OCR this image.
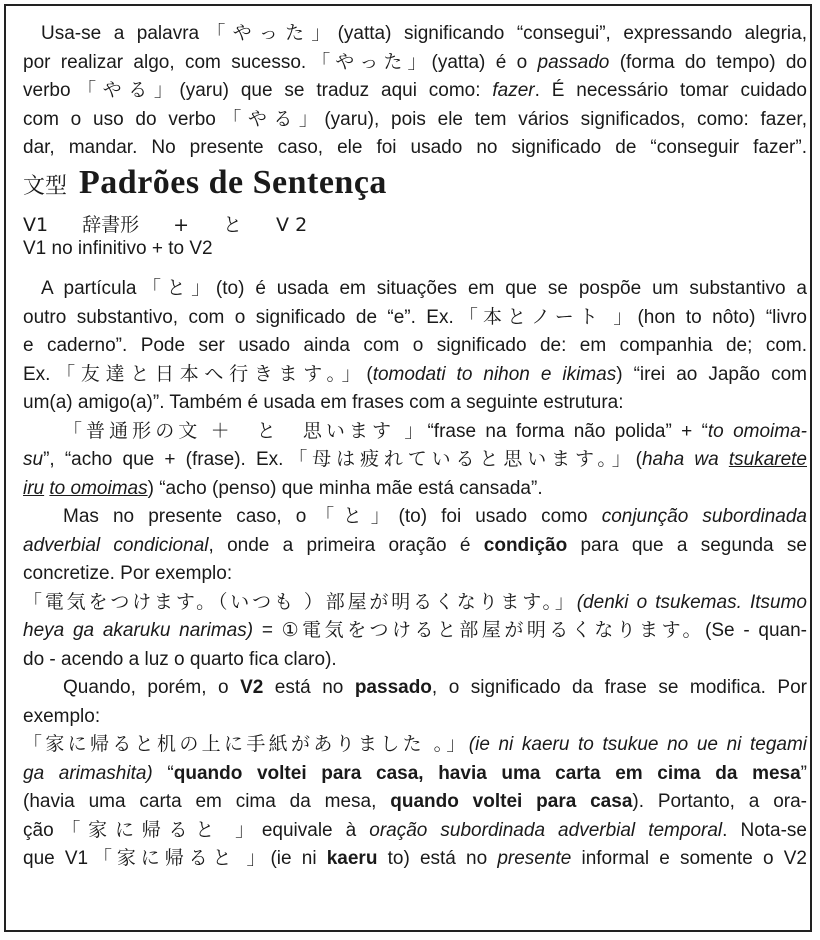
Usa-se a palavra「やった」(yatta) significando “consegui”, expressando alegria,
por realizar algo, com sucesso.「やった」(yatta) é o passado (forma do tempo) do
verbo「やる」(yaru) que se traduz aqui como: fazer. É necessário tomar cuidado
com o uso do verbo「やる」(yaru), pois ele tem vários significados, como: fazer,
dar, mandar. No presente caso, ele foi usado no significado de “conseguir fazer”.
文型 Padrões de Sentença
V1 辞書形 + と V 2
V1 no infinitivo + to V2
A partícula「と」(to) é usada em situações em que se pospõe um substantivo a
outro substantivo, com o significado de “e”. Ex.「本とノート 」(hon to nôto) “livro
e caderno”. Pode ser usado ainda com o significado de: em companhia de; com.
Ex.「友達と日本へ行きます。」(tomodati to nihon e ikimas) “irei ao Japão com
um(a) amigo(a)”. Também é usada em frases com a seguinte estrutura:
「普通形の文 ＋　と　思います 」“frase na forma não polida” + “to omoima-
su”, “acho que + (frase). Ex.「母は疲れていると思います。」(haha wa tsukarete
iru to omoimas) “acho (penso) que minha mãe está cansada”.
Mas no presente caso, o「と」(to) foi usado como conjunção subordinada
adverbial condicional, onde a primeira oração é condição para que a segunda se
concretize. Por exemplo:
「電気をつけます。（いつも ）部屋が明るくなります。」(denki o tsukemas. Itsumo
heya ga akaruku narimas) = ①電気をつけると部屋が明るくなります。(Se - quan-
do - acendo a luz o quarto fica claro).
Quando, porém, o V2 está no passado, o significado da frase se modifica. Por
exemplo:
「家に帰ると机の上に手紙がありました 。」(ie ni kaeru to tsukue no ue ni tegami
ga arimashita) “quando voltei para casa, havia uma carta em cima da mesa”
(havia uma carta em cima da mesa, quando voltei para casa). Portanto, a ora-
ção「家に帰ると 」equivale à oração subordinada adverbial temporal. Nota-se
que V1「家に帰ると 」(ie ni kaeru to) está no presente informal e somente o V2
